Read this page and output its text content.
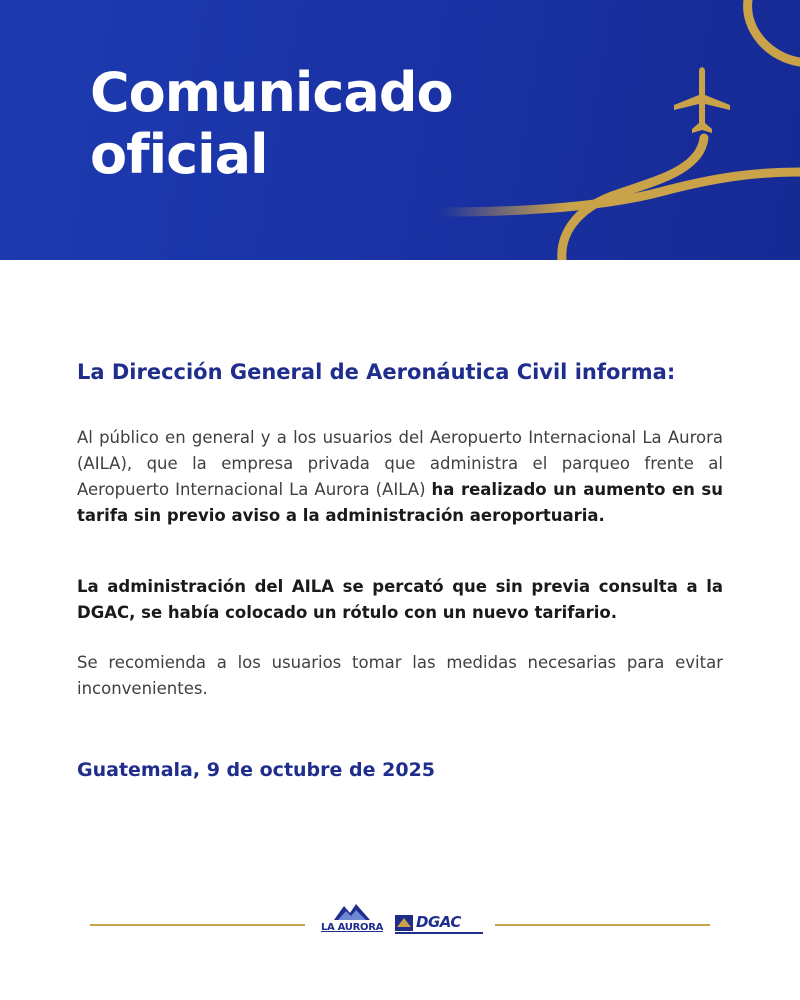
Comunicado
oficial
La Dirección General de Aeronáutica Civil informa:
Al público en general y a los usuarios del Aeropuerto Internacional La Aurora (AILA), que la empresa privada que administra el parqueo frente al Aeropuerto Internacional La Aurora (AILA) ha realizado un aumento en su tarifa sin previo aviso a la administración aeroportuaria.
La administración del AILA se percató que sin previa consulta a la DGAC, se había colocado un rótulo con un nuevo tarifario.
Se recomienda a los usuarios tomar las medidas necesarias para evitar inconvenientes.
Guatemala, 9 de octubre de 2025
LA AURORA DGAC
